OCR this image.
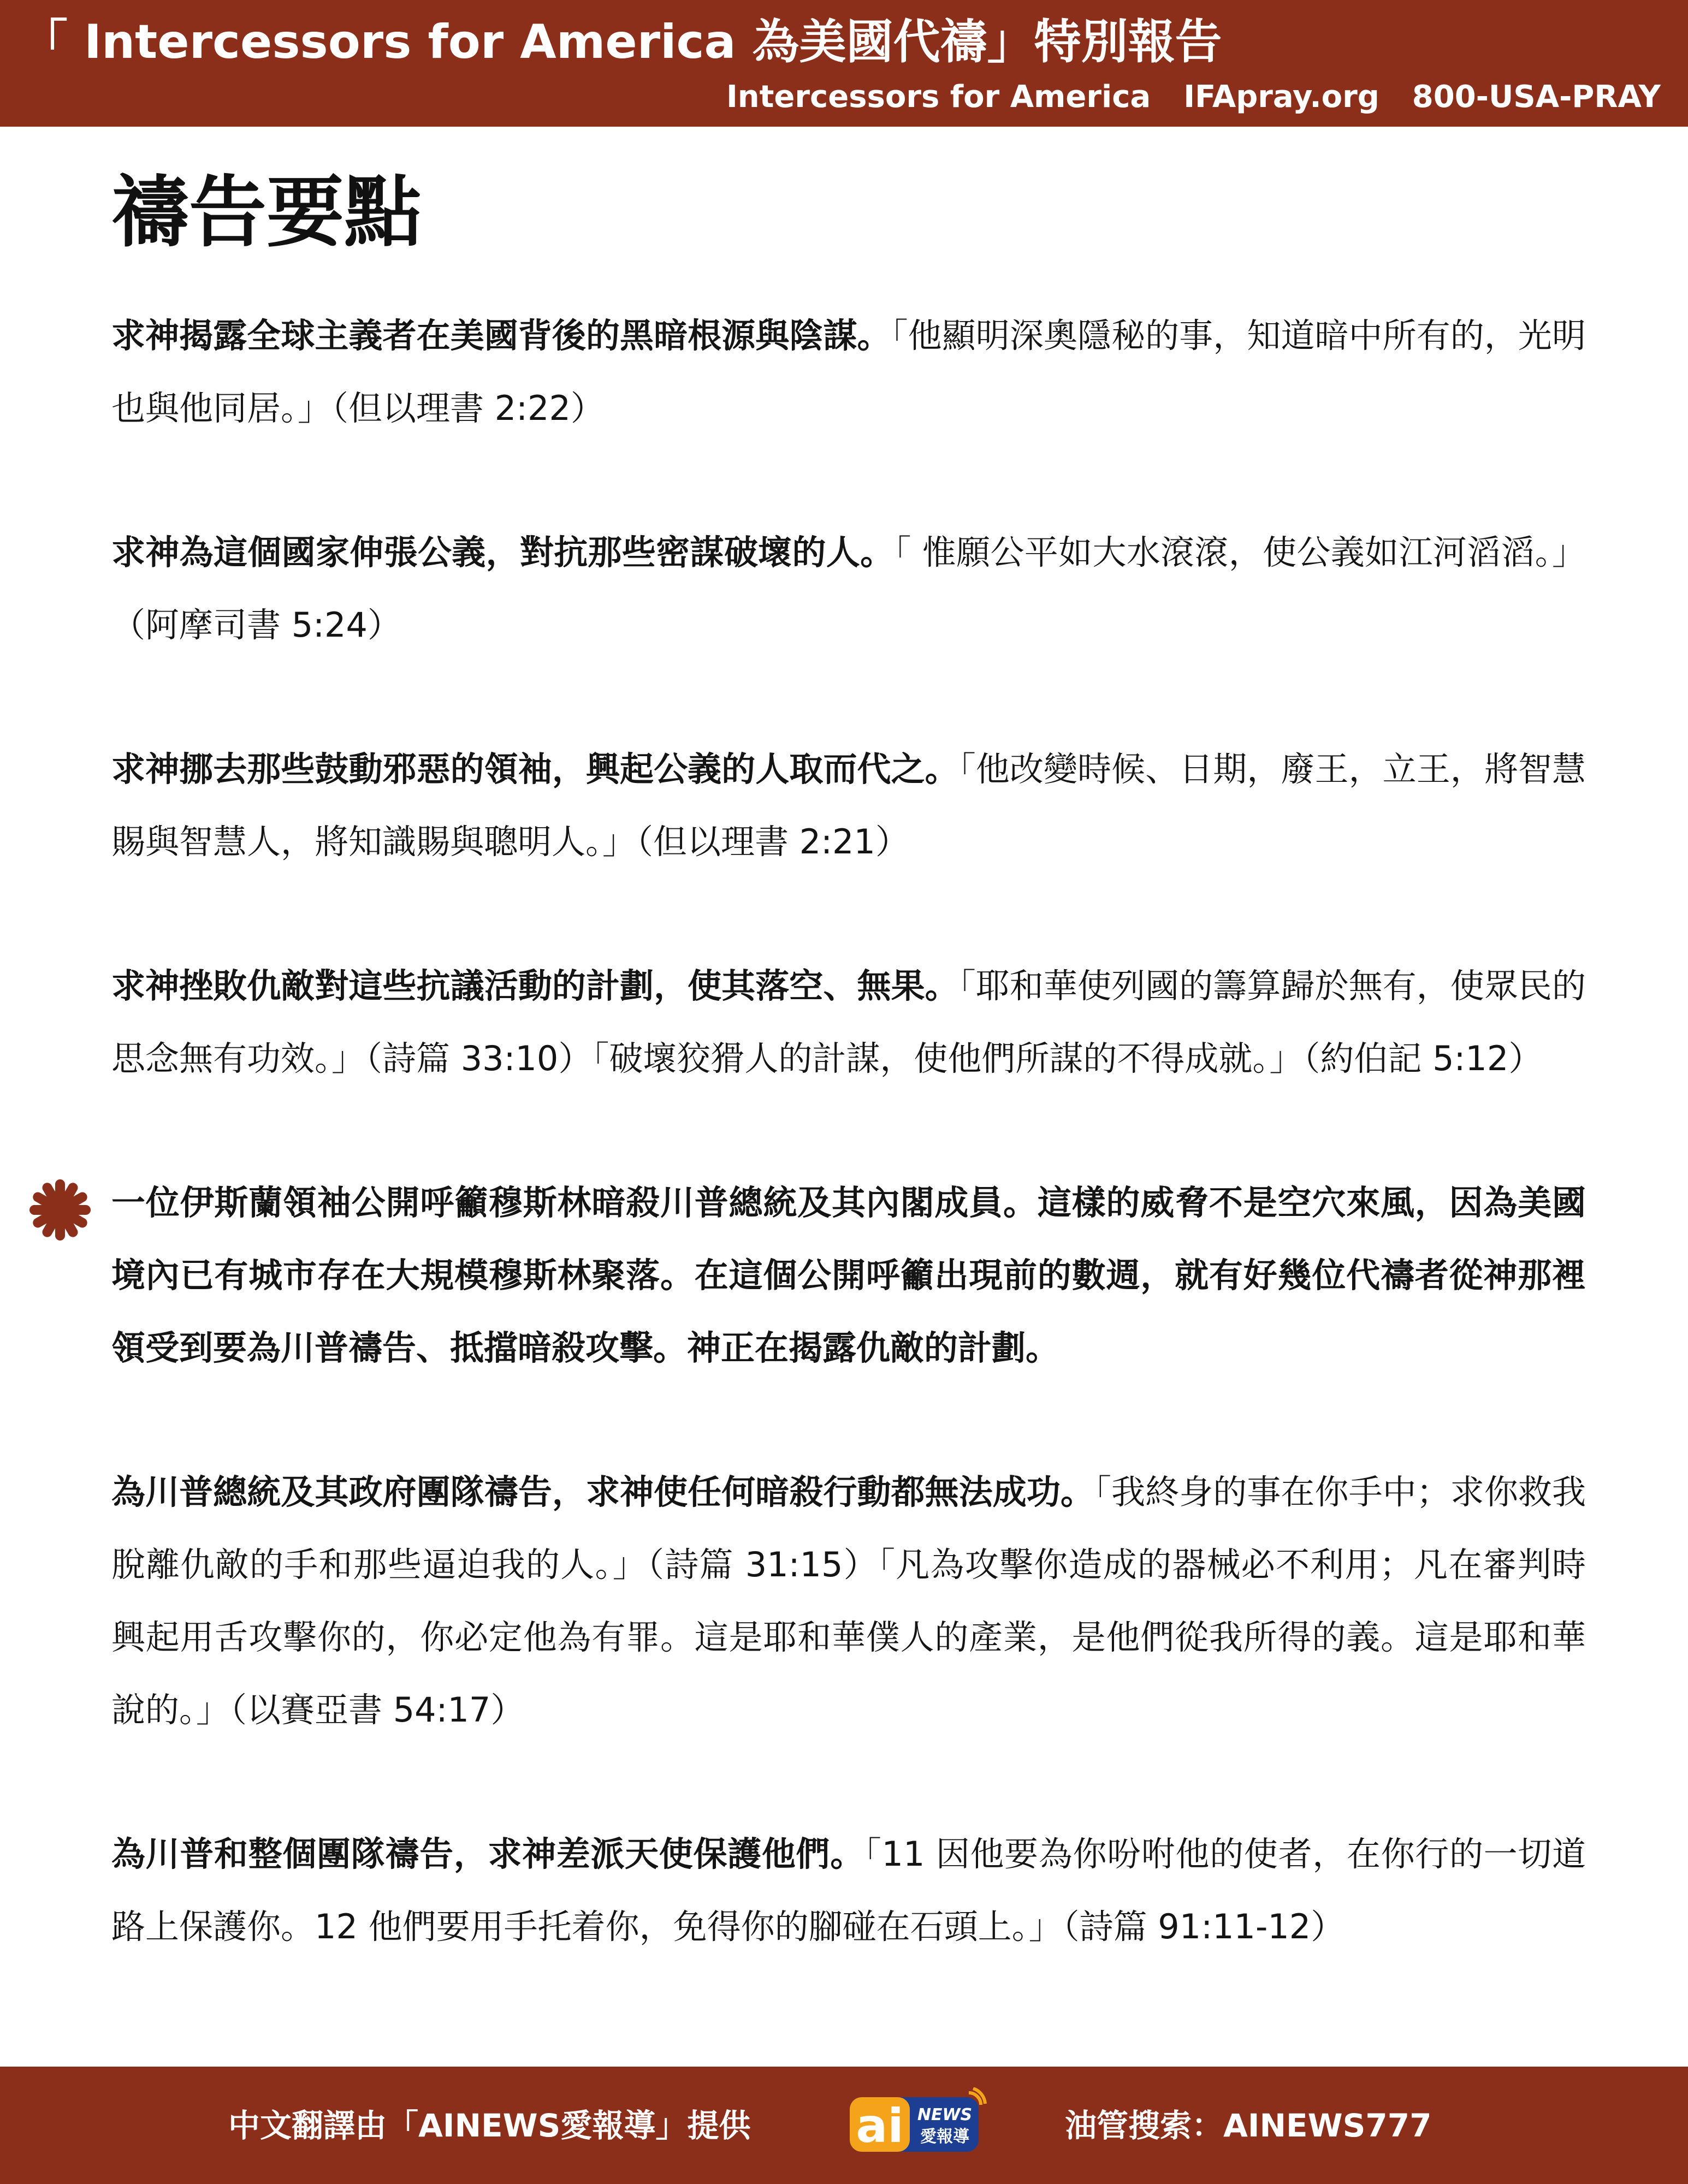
「 Intercessors for America 為美國代禱」特別報告
Intercessors for America IFApray.org 800-USA-PRAY
禱告要點

求神揭露全球主義者在美國背後的黑暗根源與陰謀。「他顯明深奧隱秘的事，知道暗中所有的，光明也與他同居。」（但以理書 2:22）

求神為這個國家伸張公義，對抗那些密謀破壞的人。「 惟願公平如大水滾滾，使公義如江河滔滔。」（阿摩司書 5:24）

求神挪去那些鼓動邪惡的領袖，興起公義的人取而代之。「他改變時候、日期，廢王，立王，將智慧賜與智慧人，將知識賜與聰明人。」（但以理書 2:21）

求神挫敗仇敵對這些抗議活動的計劃，使其落空、無果。「耶和華使列國的籌算歸於無有，使眾民的思念無有功效。」（詩篇 33:10）「破壞狡猾人的計謀，使他們所謀的不得成就。」（約伯記 5:12）

一位伊斯蘭領袖公開呼籲穆斯林暗殺川普總統及其內閣成員。這樣的威脅不是空穴來風，因為美國境內已有城市存在大規模穆斯林聚落。在這個公開呼籲出現前的數週，就有好幾位代禱者從神那裡領受到要為川普禱告、抵擋暗殺攻擊。神正在揭露仇敵的計劃。

為川普總統及其政府團隊禱告，求神使任何暗殺行動都無法成功。「我終身的事在你手中；求你救我脫離仇敵的手和那些逼迫我的人。」（詩篇 31:15）「凡為攻擊你造成的器械必不利用；凡在審判時興起用舌攻擊你的，你必定他為有罪。這是耶和華僕人的產業，是他們從我所得的義。這是耶和華說的。」（以賽亞書 54:17）

為川普和整個團隊禱告，求神差派天使保護他們。「11 因他要為你吩咐他的使者，在你行的一切道路上保護你。12 他們要用手托着你，免得你的腳碰在石頭上。」（詩篇 91:11-12）

中文翻譯由「AINEWS愛報導」提供 ai NEWS
愛報導	油管搜索：AINEWS777
